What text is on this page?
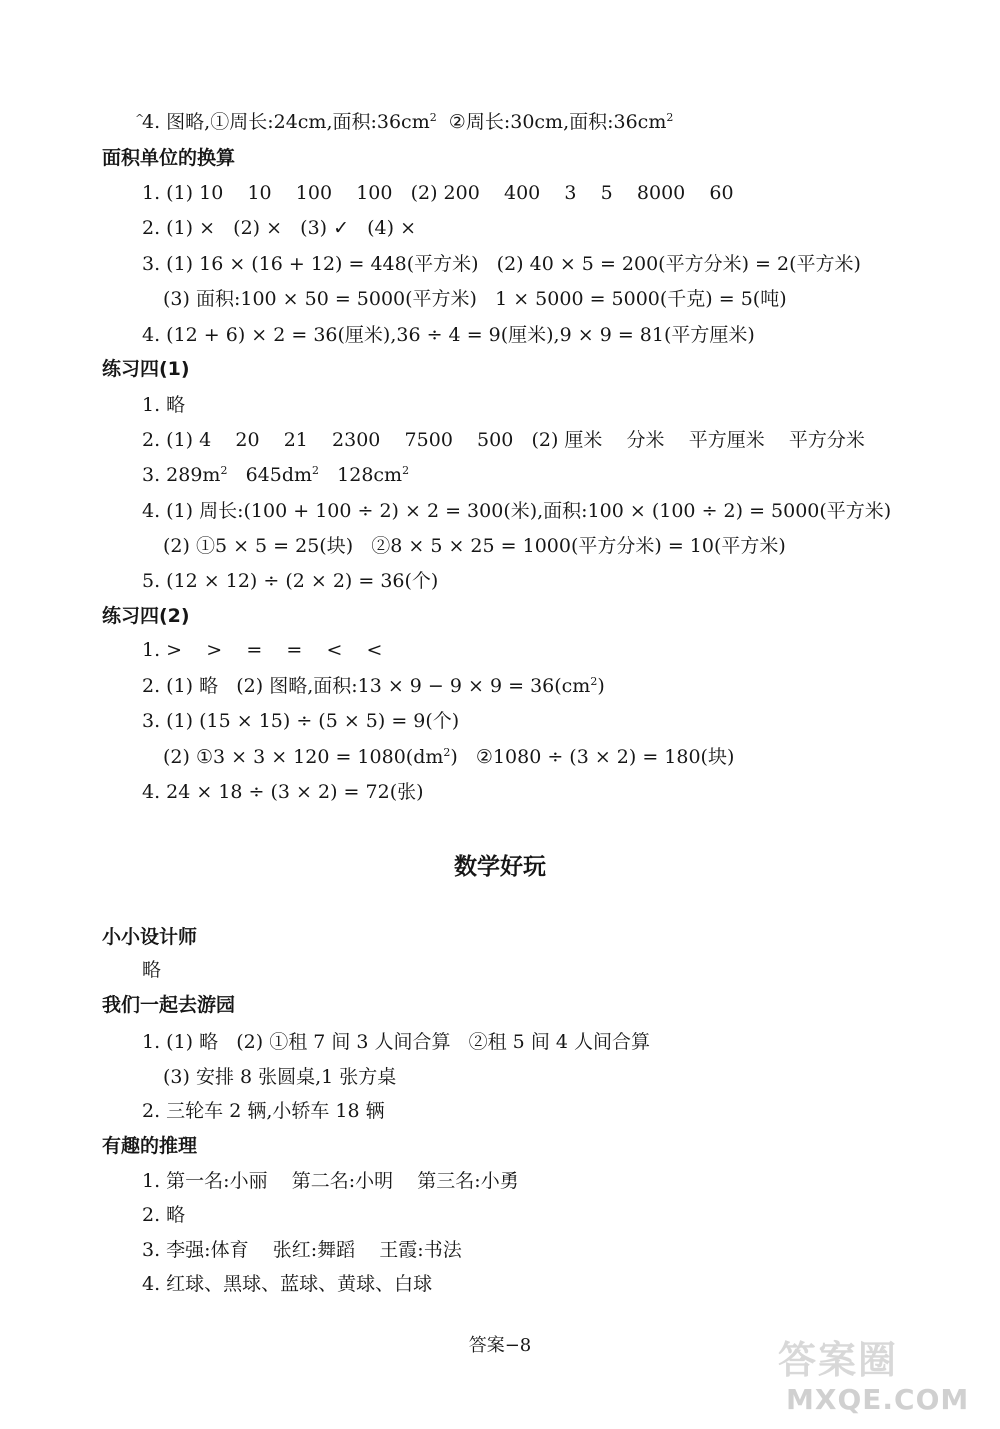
^
4. 图略,①周长:24cm,面积$:36cm^2$  ②周长:30cm,面积$:36cm^2$
面积单位的换算
1. (1) 10    10    100    100   (2) 200    400    3    5    8000    60
2. (1) ×   (2) ×   (3) ✓   (4) ×
3. (1) 16 × (16 + 12) = 448(平方米)   (2) 40 × 5 = 200(平方分米) = 2(平方米)
(3) 面积:100 × 50 = 5000(平方米)   1 × 5000 = 5000(千克) = 5(吨)
4. (12 + 6) × 2 = 36(厘米),36 ÷ 4 = 9(厘米),9 × 9 = 81(平方厘米)
练习四(1)
1. 略
2. (1) 4    20    21    2300    7500    500   (2) 厘米    分米    平方厘米    平方分米
3. $289m^2$   $645dm^2$   $128cm^2$
4. (1) 周长:(100 + 100 ÷ 2) × 2 = 300(米),面积:100 × (100 ÷ 2) = 5000(平方米)
(2) ①5 × 5 = 25(块)   ②8 × 5 × 25 = 1000(平方分米) = 10(平方米)
5. (12 × 12) ÷ (2 × 2) = 36(个)
练习四(2)
1. >    >    =    =    <    <
2. (1) 略   (2) 图略,面积:13 × $9 - 9 \times 9 = 36(cm^2)$
3. (1) (15 × 15) ÷ (5 × 5) = 9(个)
(2) ①3 × $3 \times 120 = 1080(dm^2)$   ②1080 ÷ (3 × 2) = 180(块)
4. 24 × 18 ÷ (3 × 2) = 72(张)
数学好玩
小小设计师
略
我们一起去游园
1. (1) 略   (2) ①租 7 间 3 人间合算   ②租 5 间 4 人间合算
(3) 安排 8 张圆桌,1 张方桌
2. 三轮车 2 辆,小轿车 18 辆
有趣的推理
1. 第一名:小丽    第二名:小明    第三名:小勇
2. 略
3. 李强:体育    张红:舞蹈    王霞:书法
4. 红球、黑球、蓝球、黄球、白球
答案−8	答案圈
MXQE.COM
